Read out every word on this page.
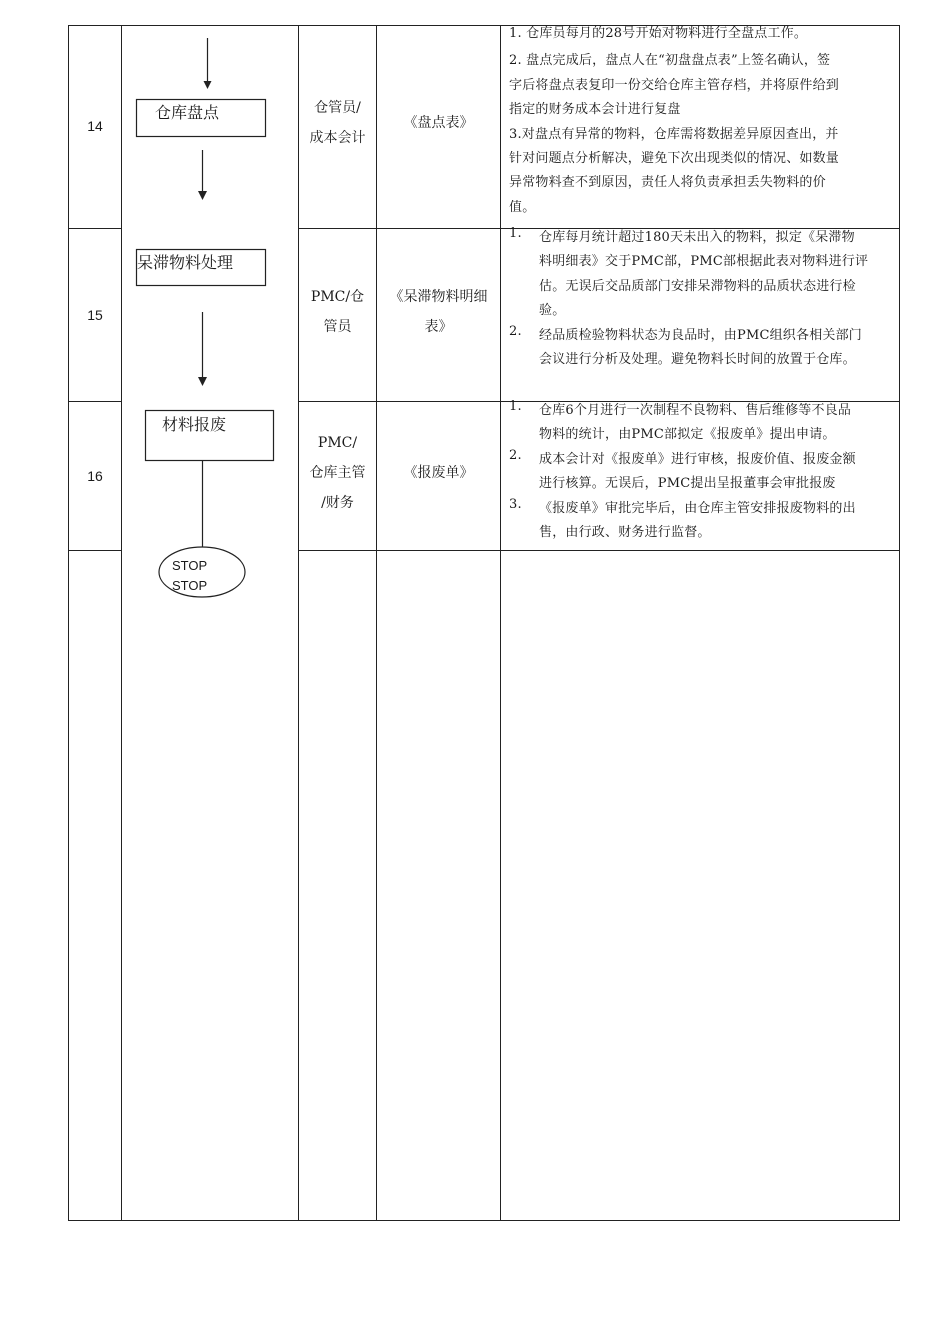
仓库盘点
呆滞物料处理
材料报废
STOP
STOP
14
15
16
仓管员/
成本会计
PMC/仓
管员
PMC/
仓库主管
/财务
《盘点表》
《呆滞物料明细
表》
《报废单》

1. 仓库员每月的28号开始对物料进行全盘点工作。

2. 盘点完成后，盘点人在“初盘盘点表”上签名确认，签

字后将盘点表复印一份交给仓库主管存档，并将原件给到

指定的财务成本会计进行复盘

3.对盘点有异常的物料，仓库需将数据差异原因查出，并

针对问题点分析解决，避免下次出现类似的情况、如数量

异常物料查不到原因，责任人将负责承担丢失物料的价

值。

1. 仓库每月统计超过180天未出入的物料，拟定《呆滞物

料明细表》交于PMC部，PMC部根据此表对物料进行评

估。无误后交品质部门安排呆滞物料的品质状态进行检

验。

2. 经品质检验物料状态为良品时，由PMC组织各相关部门

会议进行分析及处理。避免物料长时间的放置于仓库。

1. 仓库6个月进行一次制程不良物料、售后维修等不良品

物料的统计，由PMC部拟定《报废单》提出申请。

2. 成本会计对《报废单》进行审核，报废价值、报废金额

进行核算。无误后，PMC提出呈报董事会审批报废

3. 《报废单》审批完毕后，由仓库主管安排报废物料的出

售，由行政、财务进行监督。
